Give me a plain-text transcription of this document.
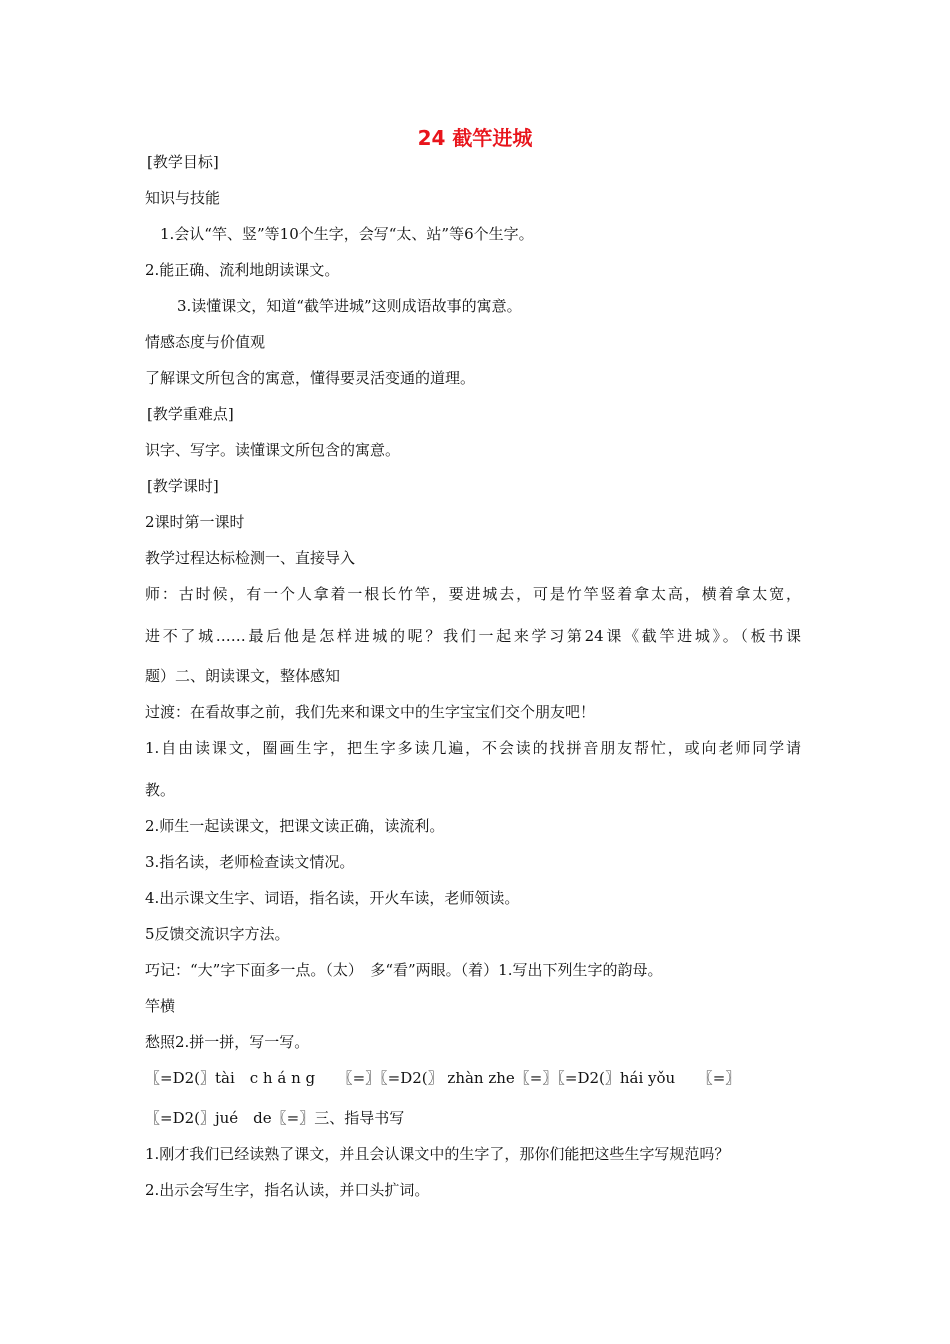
24 截竿进城
[教学目标]
知识与技能
1.会认“竿、竖”等10个生字，会写“太、站”等6个生字。
2.能正确、流利地朗读课文。
3.读懂课文，知道“截竿进城”这则成语故事的寓意。
情感态度与价值观
了解课文所包含的寓意，懂得要灵活变通的道理。
[教学重难点]
识字、写字。读懂课文所包含的寓意。
[教学课时]
2课时第一课时
教学过程达标检测一、直接导入
师：古时候，有一个人拿着一根长竹竿，要进城去，可是竹竿竖着拿太高，横着拿太宽，
进不了城……最后他是怎样进城的呢？我们一起来学习第24课《截竿进城》。（板书课
题）二、朗读课文，整体感知
过渡：在看故事之前，我们先来和课文中的生字宝宝们交个朋友吧！
1.自由读课文，圈画生字，把生字多读几遍，不会读的找拼音朋友帮忙，或向老师同学请
教。
2.师生一起读课文，把课文读正确，读流利。
3.指名读，老师检查读文情况。
4.出示课文生字、词语，指名读，开火车读，老师领读。
5反馈交流识字方法。
巧记：“大”字下面多一点。（太）　多“看”两眼。（着）1.写出下列生字的韵母。
竿横
愁照2.拼一拼，写一写。
〖=D2(〗tài　c h á n g　　〖=〗〖=D2(〗 zhàn zhe〖=〗〖=D2(〗hái yǒu　　〖=〗
〖=D2(〗jué　de〖=〗三、指导书写
1.刚才我们已经读熟了课文，并且会认课文中的生字了，那你们能把这些生字写规范吗？
2.出示会写生字，指名认读，并口头扩词。
